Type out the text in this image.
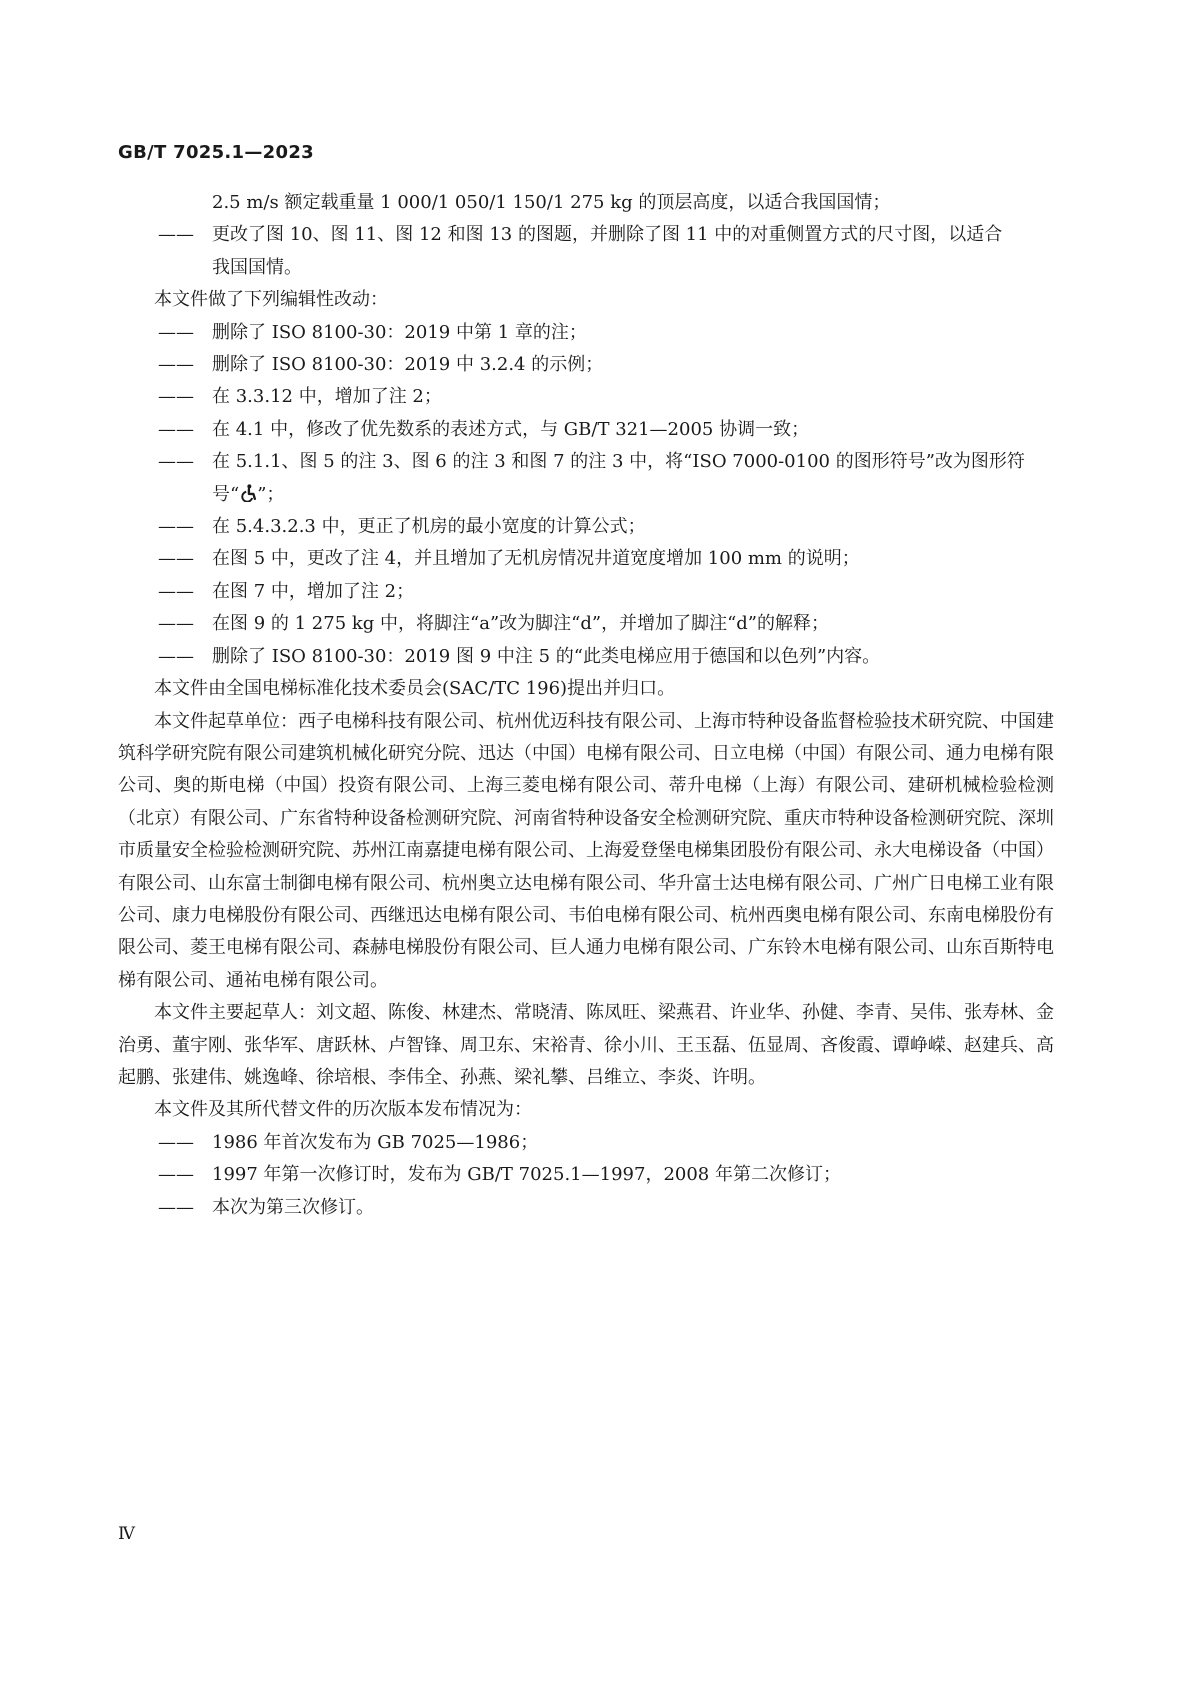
GB/T 7025.1—2023

2.5 m/s 额定载重量 1 000/1 050/1 150/1 275 kg 的顶层高度，以适合我国国情；

—— 更改了图 10、图 11、图 12 和图 13 的图题，并删除了图 11 中的对重侧置方式的尺寸图，以适合

我国国情。

本文件做了下列编辑性改动：

—— 删除了 ISO 8100-30：2019 中第 1 章的注；

—— 删除了 ISO 8100-30：2019 中 3.2.4 的示例；

—— 在 3.3.12 中，增加了注 2；

—— 在 4.1 中，修改了优先数系的表述方式，与 GB/T 321—2005 协调一致；

—— 在 5.1.1、图 5 的注 3、图 6 的注 3 和图 7 的注 3 中，将“ISO 7000-0100 的图形符号”改为图形符

号“ ”；

—— 在 5.4.3.2.3 中，更正了机房的最小宽度的计算公式；

—— 在图 5 中，更改了注 4，并且增加了无机房情况井道宽度增加 100 mm 的说明；

—— 在图 7 中，增加了注 2；

—— 在图 9 的 1 275 kg 中，将脚注“a”改为脚注“d”，并增加了脚注“d”的解释；

—— 删除了 ISO 8100-30：2019 图 9 中注 5 的“此类电梯应用于德国和以色列”内容。

本文件由全国电梯标准化技术委员会(SAC/TC 196)提出并归口。

本文件起草单位：西子电梯科技有限公司、杭州优迈科技有限公司、上海市特种设备监督检验技术研究院、中国建筑科学研究院有限公司建筑机械化研究分院、迅达（中国）电梯有限公司、日立电梯（中国）有限公司、通力电梯有限公司、奥的斯电梯（中国）投资有限公司、上海三菱电梯有限公司、蒂升电梯（上海）有限公司、建研机械检验检测（北京）有限公司、广东省特种设备检测研究院、河南省特种设备安全检测研究院、重庆市特种设备检测研究院、深圳市质量安全检验检测研究院、苏州江南嘉捷电梯有限公司、上海爱登堡电梯集团股份有限公司、永大电梯设备（中国）有限公司、山东富士制御电梯有限公司、杭州奥立达电梯有限公司、华升富士达电梯有限公司、广州广日电梯工业有限公司、康力电梯股份有限公司、西继迅达电梯有限公司、韦伯电梯有限公司、杭州西奥电梯有限公司、东南电梯股份有限公司、菱王电梯有限公司、森赫电梯股份有限公司、巨人通力电梯有限公司、广东铃木电梯有限公司、山东百斯特电梯有限公司、通祐电梯有限公司。

本文件主要起草人：刘文超、陈俊、林建杰、常晓清、陈凤旺、梁燕君、许业华、孙健、李青、吴伟、张寿林、金治勇、董宇刚、张华军、唐跃林、卢智锋、周卫东、宋裕青、徐小川、王玉磊、伍显周、吝俊霞、谭峥嵘、赵建兵、高起鹏、张建伟、姚逸峰、徐培根、李伟全、孙燕、梁礼攀、吕维立、李炎、许明。

本文件及其所代替文件的历次版本发布情况为：

—— 1986 年首次发布为 GB 7025—1986；

—— 1997 年第一次修订时，发布为 GB/T 7025.1—1997，2008 年第二次修订；

—— 本次为第三次修订。

Ⅳ
